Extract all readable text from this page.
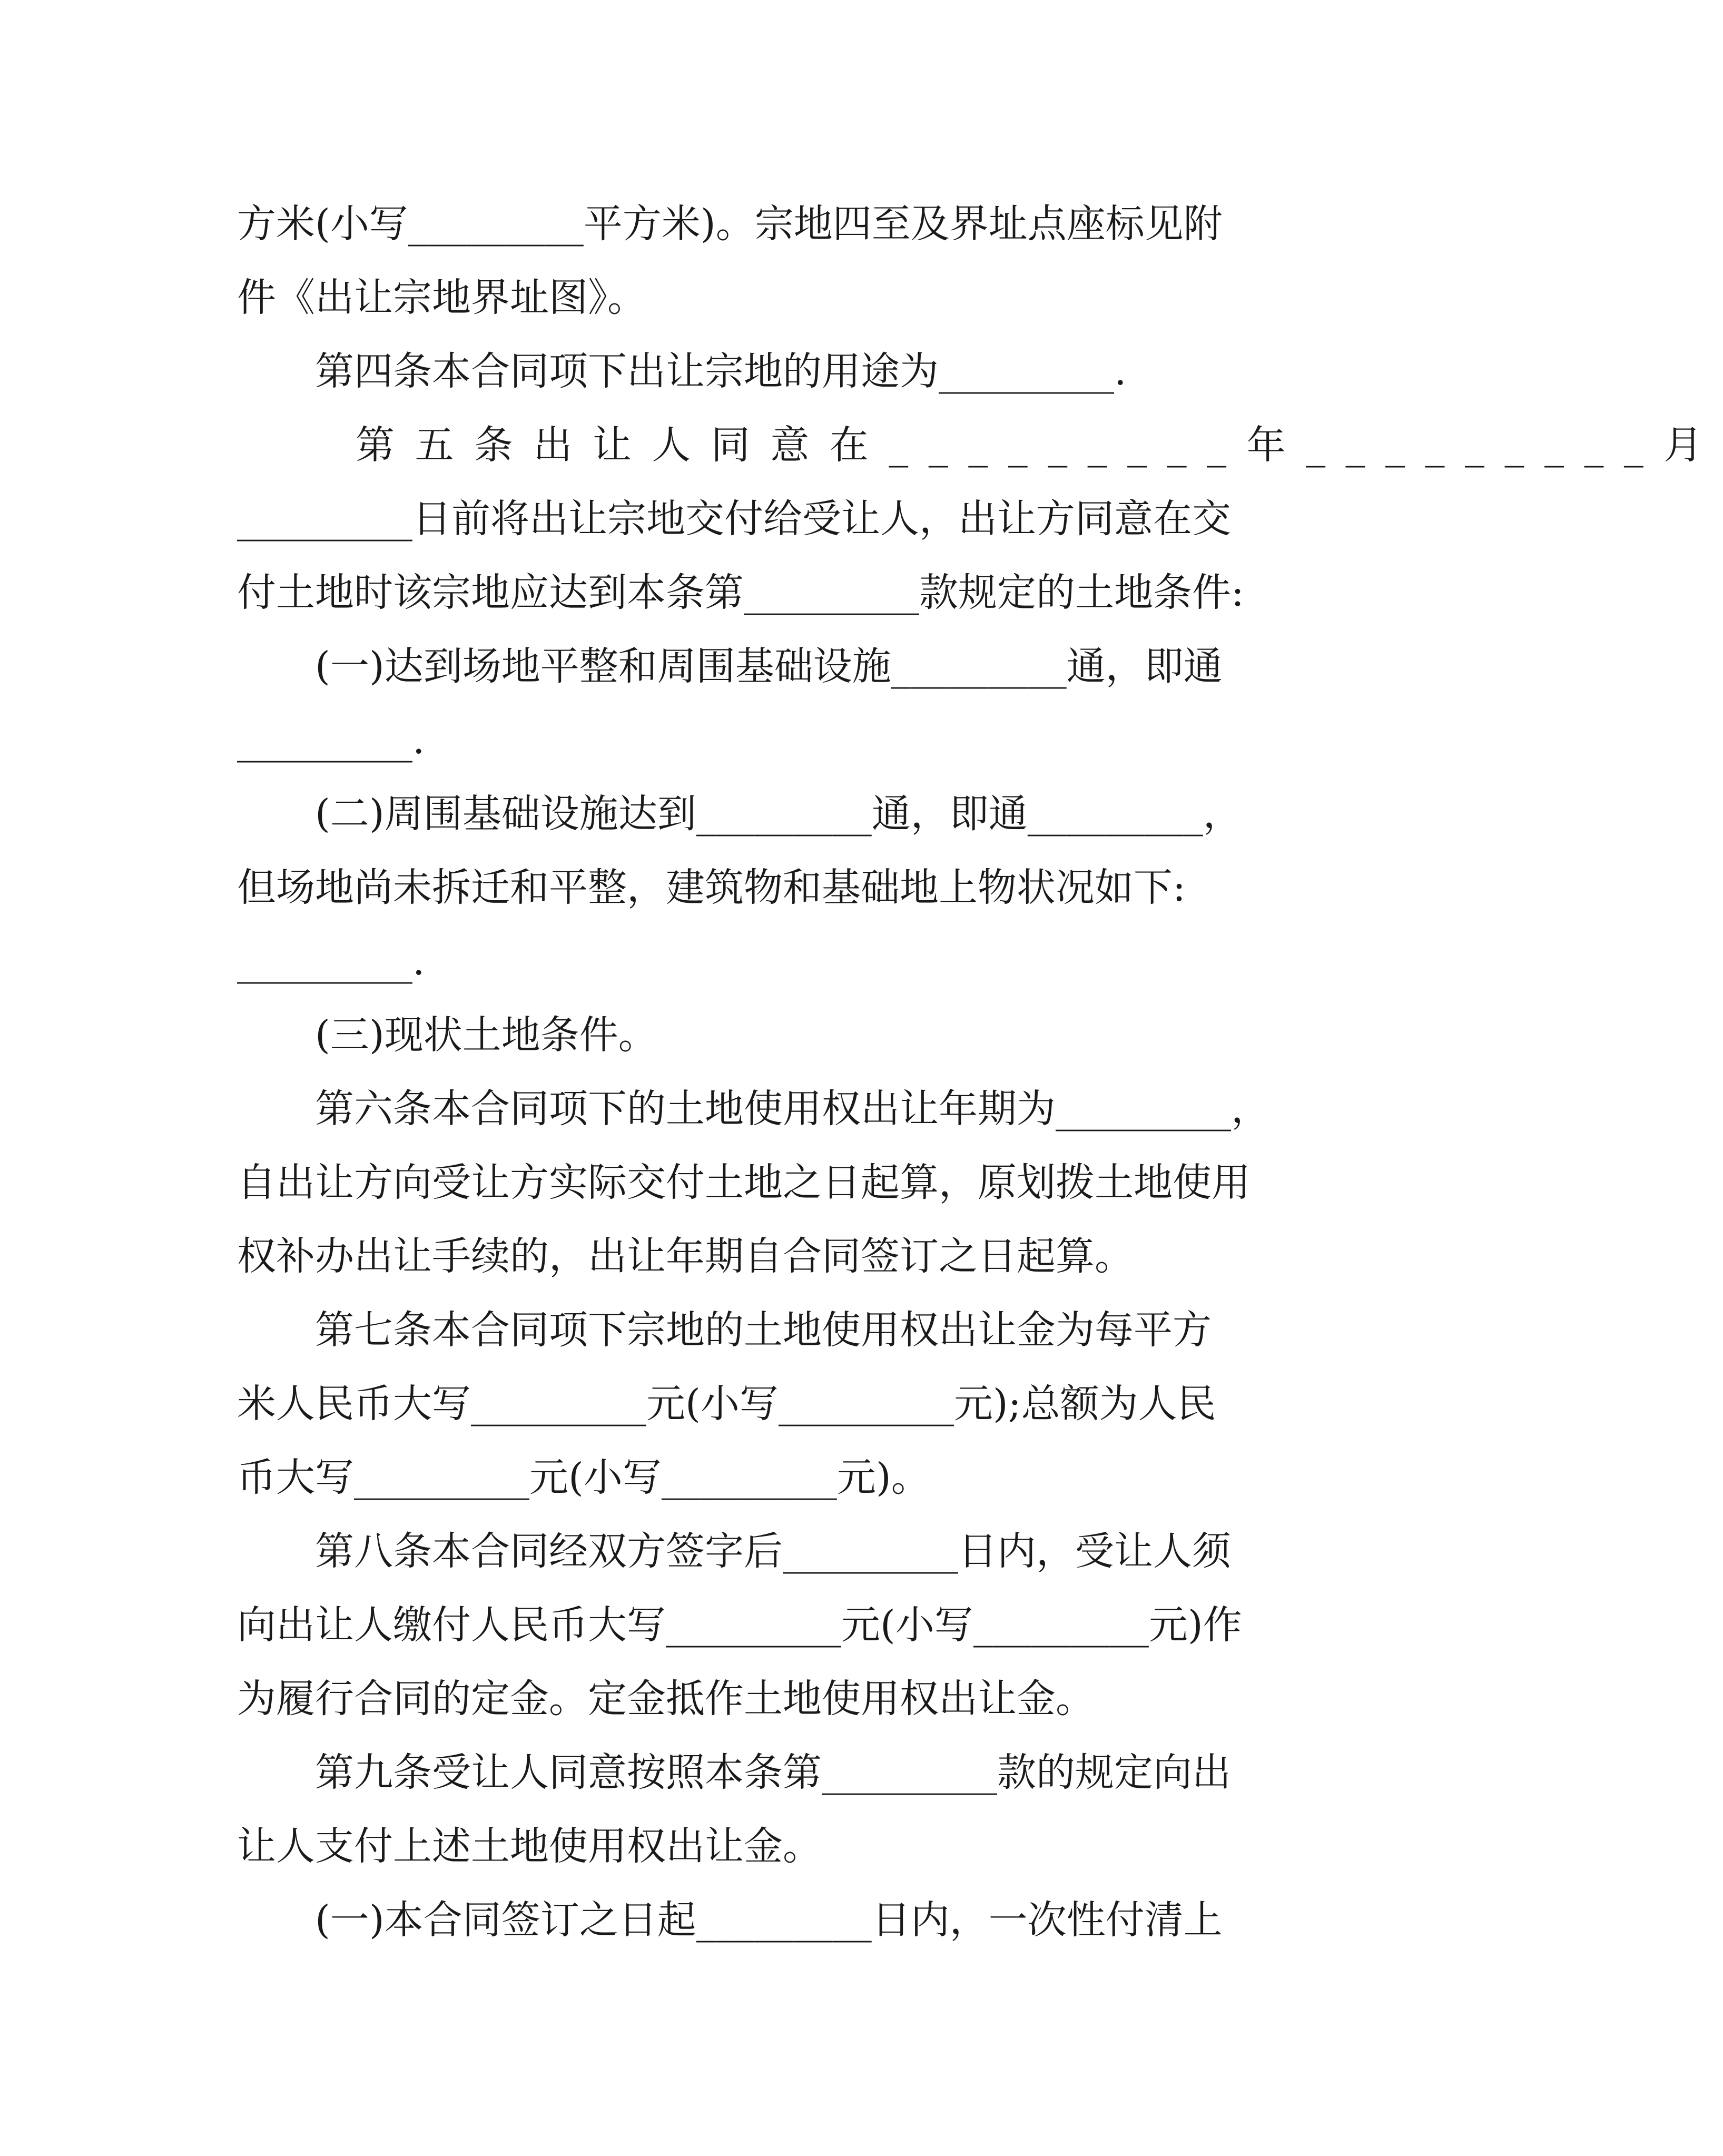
方米(小写_________平方米)。宗地四至及界址点座标见附
件《出让宗地界址图》。
　　第四条本合同项下出让宗地的用途为_________.
　　第五条出让人同意在_________年_________月
_________日前将出让宗地交付给受让人，出让方同意在交
付土地时该宗地应达到本条第_________款规定的土地条件:
　　(一)达到场地平整和周围基础设施_________通，即通
_________.
　　(二)周围基础设施达到_________通，即通_________，
但场地尚未拆迁和平整，建筑物和基础地上物状况如下:
_________.
　　(三)现状土地条件。
　　第六条本合同项下的土地使用权出让年期为_________，
自出让方向受让方实际交付土地之日起算，原划拨土地使用
权补办出让手续的，出让年期自合同签订之日起算。
　　第七条本合同项下宗地的土地使用权出让金为每平方
米人民币大写_________元(小写_________元);总额为人民
币大写_________元(小写_________元)。
　　第八条本合同经双方签字后_________日内，受让人须
向出让人缴付人民币大写_________元(小写_________元)作
为履行合同的定金。定金抵作土地使用权出让金。
　　第九条受让人同意按照本条第_________款的规定向出
让人支付上述土地使用权出让金。
　　(一)本合同签订之日起_________日内，一次性付清上
